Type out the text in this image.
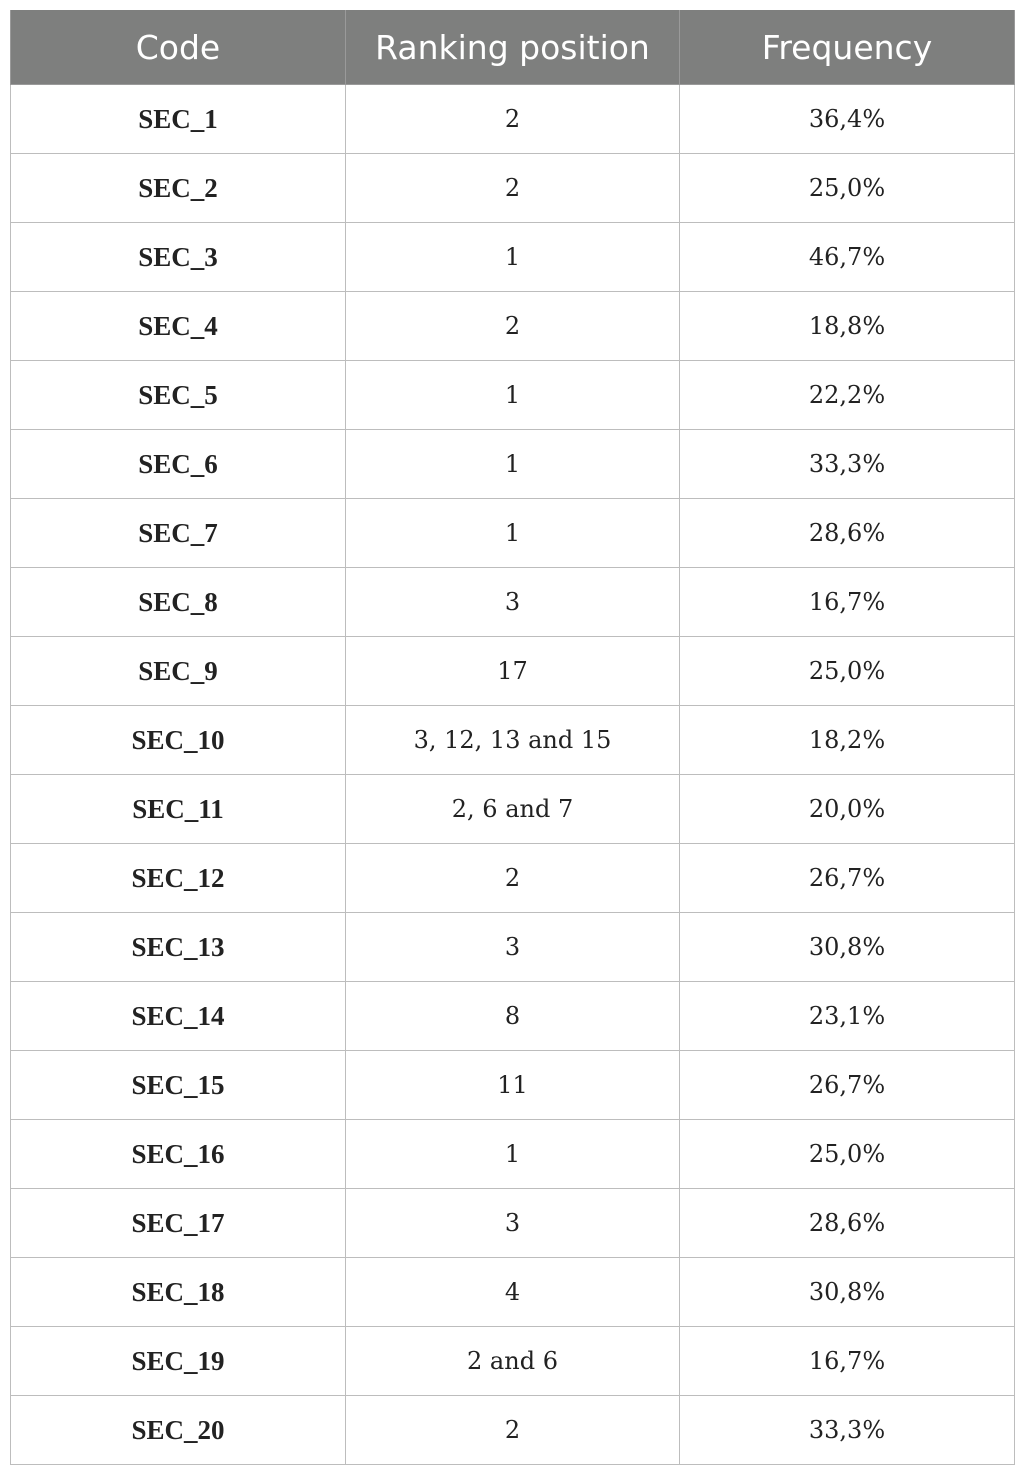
Code	Ranking position	Frequency
SEC_1	2	36,4%
SEC_2	2	25,0%
SEC_3	1	46,7%
SEC_4	2	18,8%
SEC_5	1	22,2%
SEC_6	1	33,3%
SEC_7	1	28,6%
SEC_8	3	16,7%
SEC_9	17	25,0%
SEC_10	3, 12, 13 and 15	18,2%
SEC_11	2, 6 and 7	20,0%
SEC_12	2	26,7%
SEC_13	3	30,8%
SEC_14	8	23,1%
SEC_15	11	26,7%
SEC_16	1	25,0%
SEC_17	3	28,6%
SEC_18	4	30,8%
SEC_19	2 and 6	16,7%
SEC_20	2	33,3%
